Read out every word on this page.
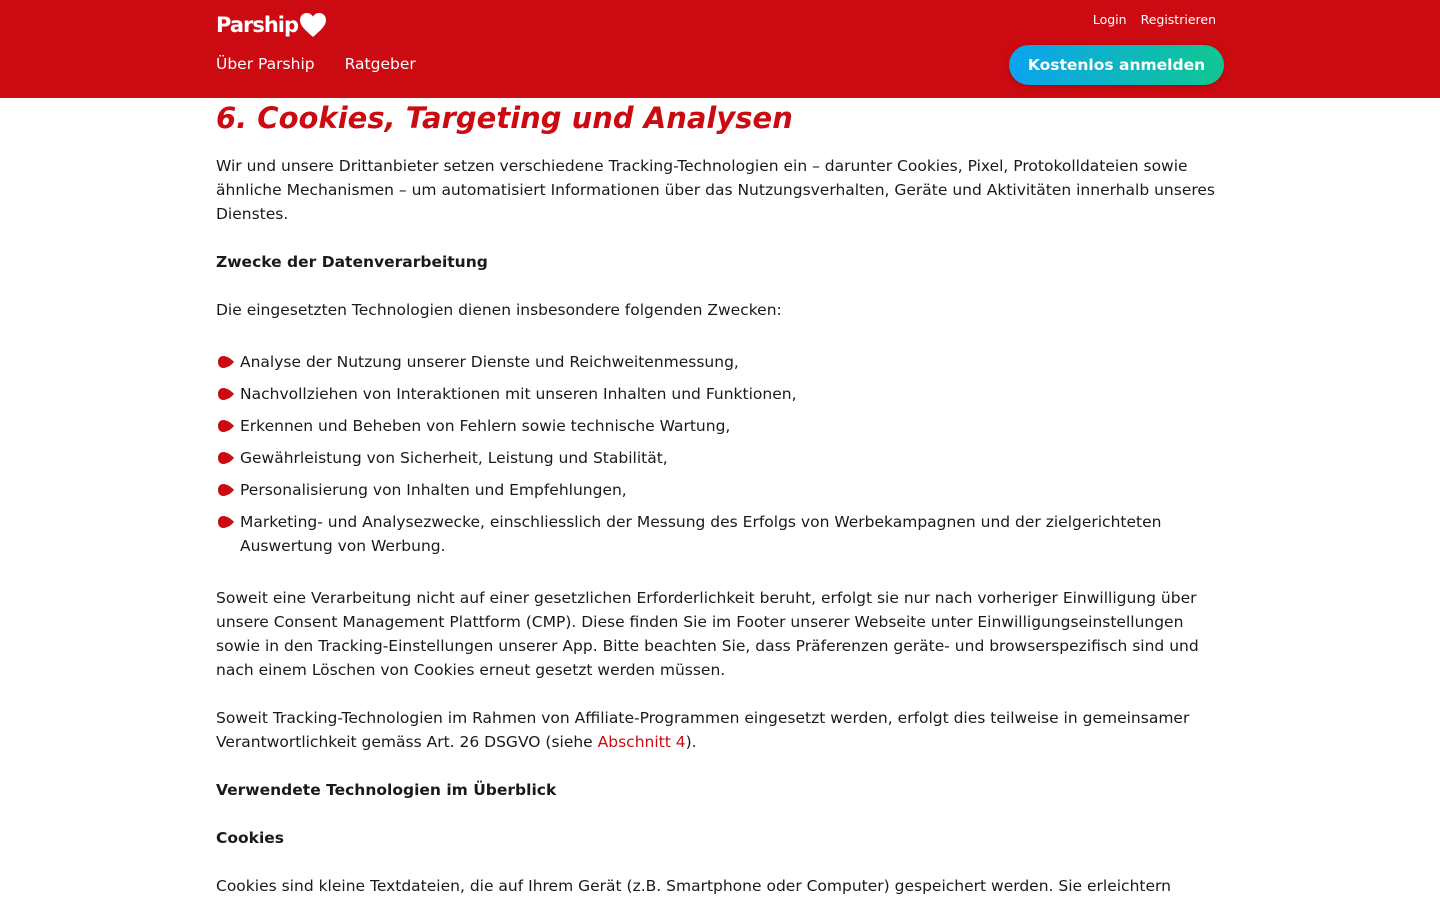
Parship	Login Registrieren
Über Parship Ratgeber	Kostenlos anmelden
6. Cookies, Targeting und Analysen

Wir und unsere Drittanbieter setzen verschiedene Tracking-Technologien ein – darunter Cookies, Pixel, Protokolldateien sowie ähnliche Mechanismen – um automatisiert Informationen über das Nutzungsverhalten, Geräte und Aktivitäten innerhalb unseres Dienstes.

Zwecke der Datenverarbeitung

Die eingesetzten Technologien dienen insbesondere folgenden Zwecken:

Analyse der Nutzung unserer Dienste und Reichweitenmessung,
Nachvollziehen von Interaktionen mit unseren Inhalten und Funktionen,
Erkennen und Beheben von Fehlern sowie technische Wartung,
Gewährleistung von Sicherheit, Leistung und Stabilität,
Personalisierung von Inhalten und Empfehlungen,
Marketing- und Analysezwecke, einschliesslich der Messung des Erfolgs von Werbekampagnen und der zielgerichteten Auswertung von Werbung.

Soweit eine Verarbeitung nicht auf einer gesetzlichen Erforderlichkeit beruht, erfolgt sie nur nach vorheriger Einwilligung über unsere Consent Management Plattform (CMP). Diese finden Sie im Footer unserer Webseite unter Einwilligungseinstellungen sowie in den Tracking-Einstellungen unserer App. Bitte beachten Sie, dass Präferenzen geräte- und browserspezifisch sind und nach einem Löschen von Cookies erneut gesetzt werden müssen.

Soweit Tracking-Technologien im Rahmen von Affiliate-Programmen eingesetzt werden, erfolgt dies teilweise in gemeinsamer Verantwortlichkeit gemäss Art. 26 DSGVO (siehe Abschnitt 4).

Verwendete Technologien im Überblick

Cookies

Cookies sind kleine Textdateien, die auf Ihrem Gerät (z.B. Smartphone oder Computer) gespeichert werden. Sie erleichtern
